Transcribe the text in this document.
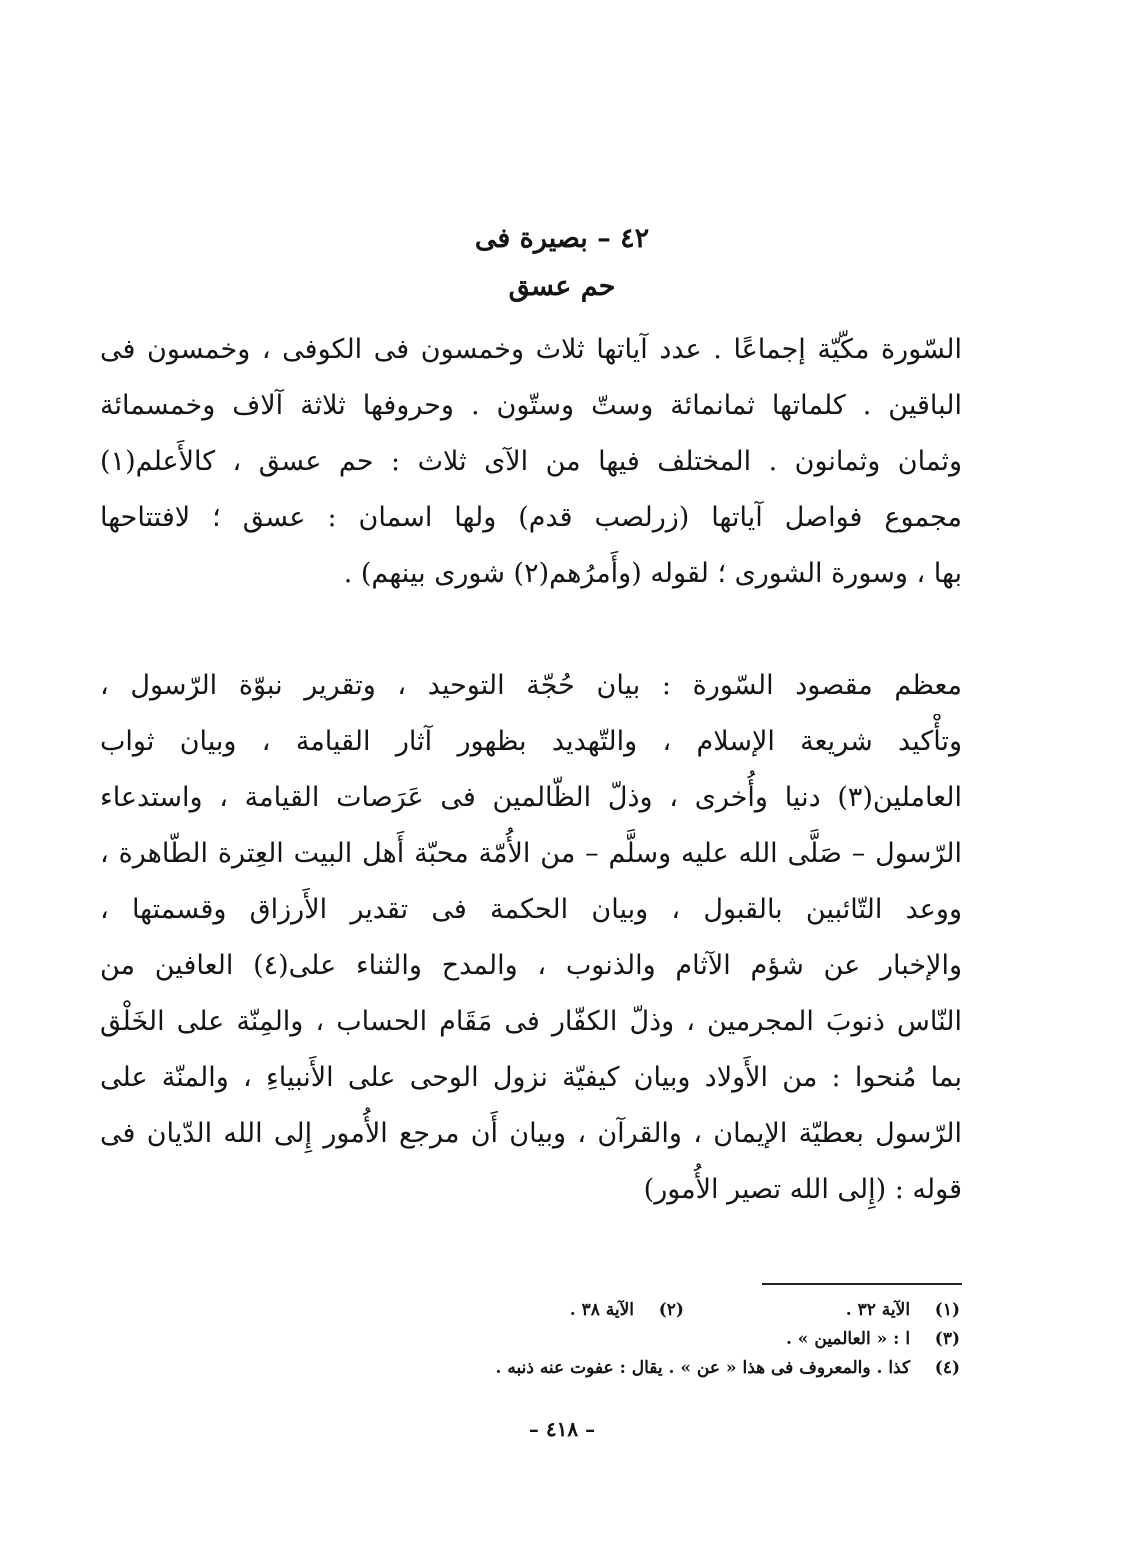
٤٢ – بصيرة فى
حم عسق
السّورة مكّيّة إجماعًا . عدد آياتها ثلاث وخمسون فى الكوفى ، وخمسون فى
الباقين . كلماتها ثمانمائة وستّ وستّون . وحروفها ثلاثة آلاف وخمسمائة
وثمان وثمانون . المختلف فيها من الآى ثلاث : حم عسق ، كالأَعلم(١)
مجموع فواصل آياتها (زرلصب قدم) ولها اسمان : عسق ؛ لافتتاحها
بها ، وسورة الشورى ؛ لقوله (وأَمرُهم(٢) شورى بينهم) .
معظم مقصود السّورة : بيان حُجّة التوحيد ، وتقرير نبوّة الرّسول ،
وتأْكيد شريعة الإسلام ، والتّهديد بظهور آثار القيامة ، وبيان ثواب
العاملين(٣) دنيا وأُخرى ، وذلّ الظّالمين فى عَرَصات القيامة ، واستدعاء
الرّسول – صَلَّى الله عليه وسلَّم – من الأُمّة محبّة أَهل البيت العِترة الطّاهرة ،
ووعد التّائبين بالقبول ، وبيان الحكمة فى تقدير الأَرزاق وقسمتها ،
والإخبار عن شؤم الآثام والذنوب ، والمدح والثناء على(٤) العافين من
النّاس ذنوبَ المجرمين ، وذلّ الكفّار فى مَقَام الحساب ، والمِنّة على الخَلْق
بما مُنحوا : من الأَولاد وبيان كيفيّة نزول الوحى على الأَنبياءِ ، والمنّة على
الرّسول بعطيّة الإيمان ، والقرآن ، وبيان أَن مرجع الأُمور إِلى الله الدّيان فى
قوله : (إِلى الله تصير الأُمور)
(١) الآية ٣٢ .  (٢) الآية ٣٨ .
(٣) ا : « العالمين » .
(٤) كذا . والمعروف فى هذا « عن » . يقال : عفوت عنه ذنبه .
– ٤١٨ –
